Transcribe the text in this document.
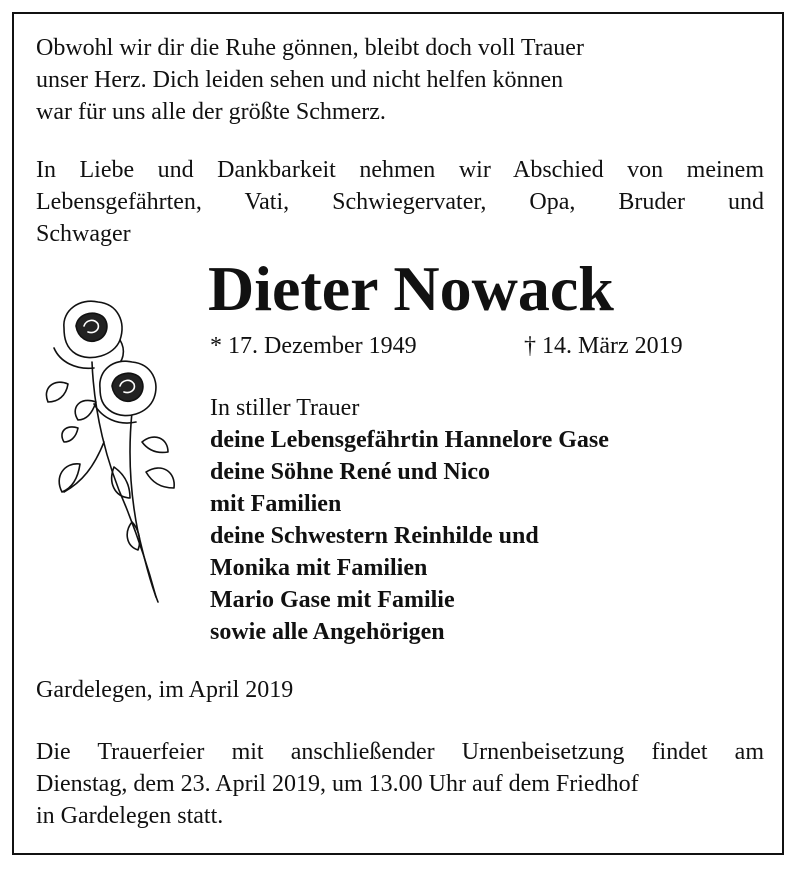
Obwohl wir dir die Ruhe gönnen, bleibt doch voll Trauer
unser Herz. Dich leiden sehen und nicht helfen können
war für uns alle der größte Schmerz.
In Liebe und Dankbarkeit nehmen wir Abschied von meinem
Lebensgefährten, Vati, Schwiegervater, Opa, Bruder und
Schwager
Dieter Nowack
* 17. Dezember 1949	† 14. März 2019
In stiller Trauer
deine Lebensgefährtin Hannelore Gase
deine Söhne René und Nico
mit Familien
deine Schwestern Reinhilde und
Monika mit Familien
Mario Gase mit Familie
sowie alle Angehörigen
Gardelegen, im April 2019
Die Trauerfeier mit anschließender Urnenbeisetzung findet am
Dienstag, dem 23. April 2019, um 13.00 Uhr auf dem Friedhof
in Gardelegen statt.
